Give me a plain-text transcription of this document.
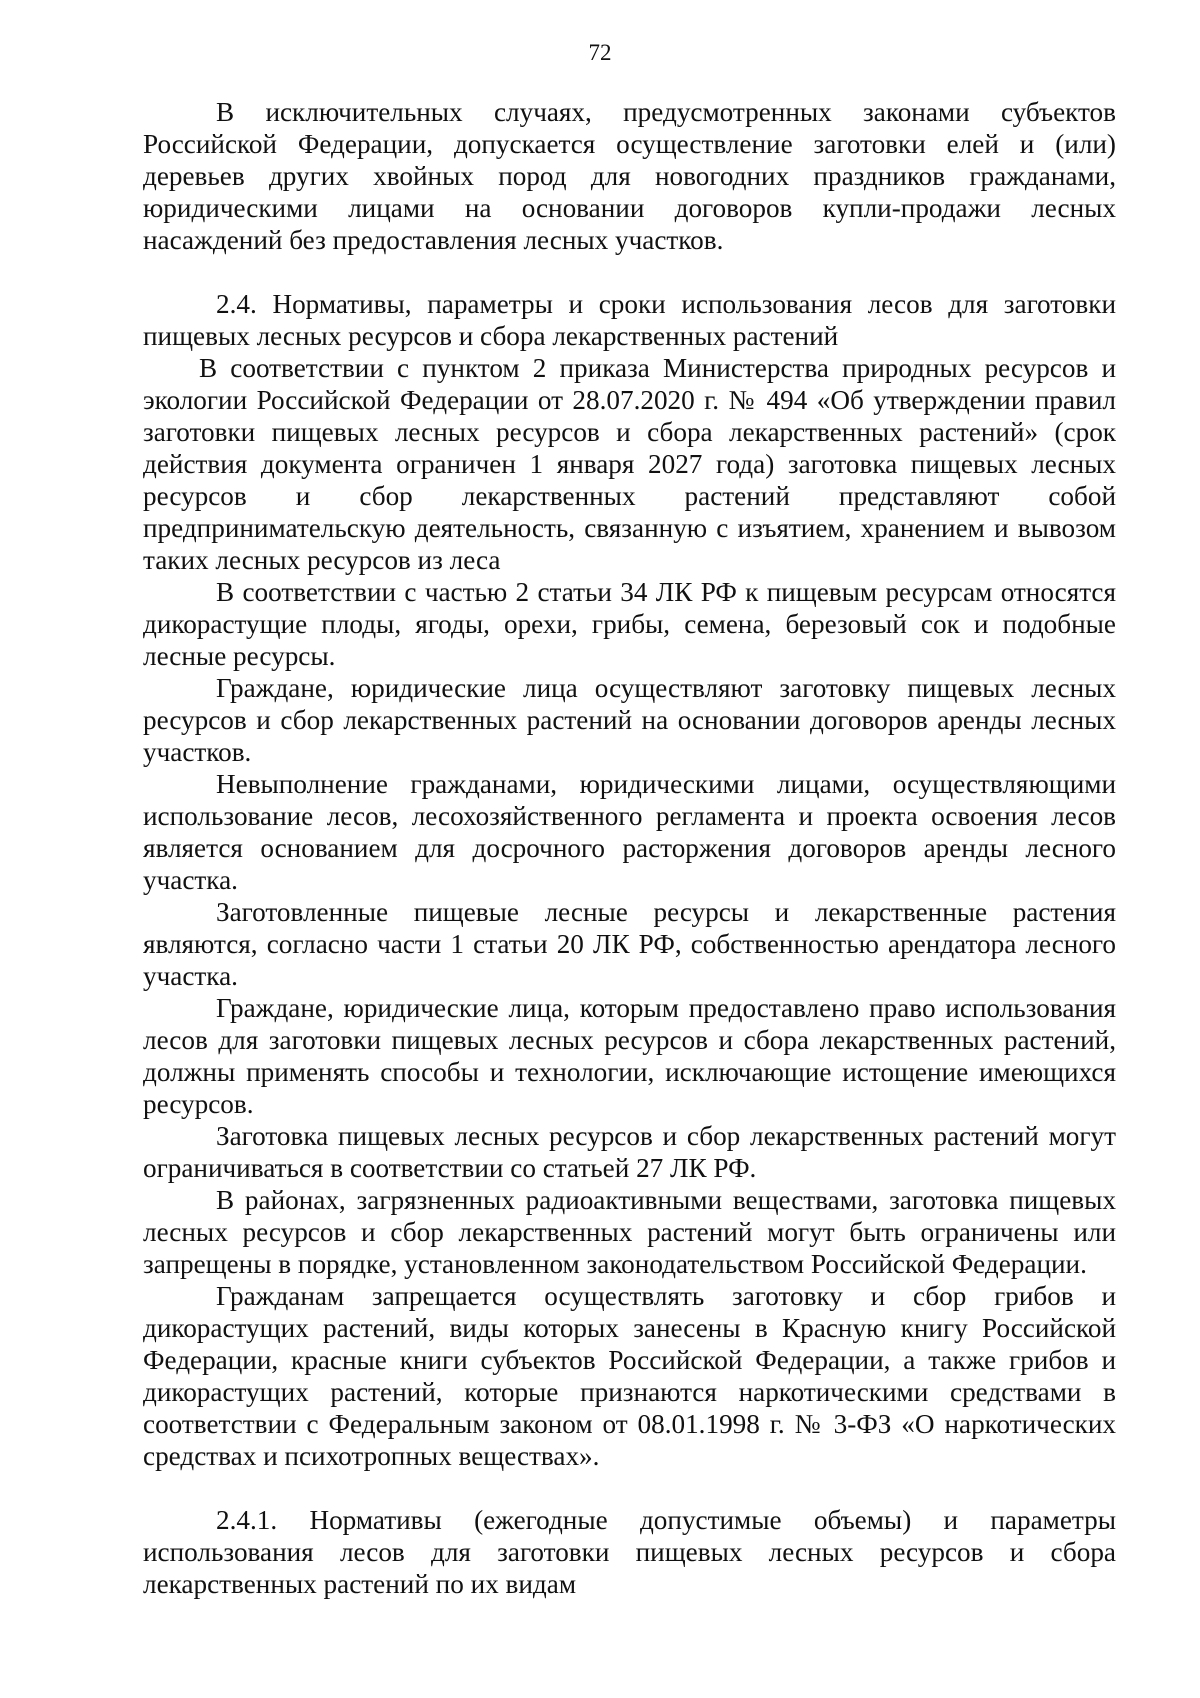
72

В исключительных случаях, предусмотренных законами субъектов Российской Федерации, допускается осуществление заготовки елей и (или) деревьев других хвойных пород для новогодних праздников гражданами, юридическими лицами на основании договоров купли-продажи лесных насаждений без предоставления лесных участков.

2.4. Нормативы, параметры и сроки использования лесов для заготовки пищевых лесных ресурсов и сбора лекарственных растений

В соответствии с пунктом 2 приказа Министерства природных ресурсов и экологии Российской Федерации от 28.07.2020 г. № 494 «Об утверждении правил заготовки пищевых лесных ресурсов и сбора лекарственных растений» (срок действия документа ограничен 1 января 2027 года) заготовка пищевых лесных ресурсов и сбор лекарственных растений представляют собой предпринимательскую деятельность, связанную с изъятием, хранением и вывозом таких лесных ресурсов из леса

В соответствии с частью 2 статьи 34 ЛК РФ к пищевым ресурсам относятся дикорастущие плоды, ягоды, орехи, грибы, семена, березовый сок и подобные лесные ресурсы.

Граждане, юридические лица осуществляют заготовку пищевых лесных ресурсов и сбор лекарственных растений на основании договоров аренды лесных участков.

Невыполнение гражданами, юридическими лицами, осуществляющими использование лесов, лесохозяйственного регламента и проекта освоения лесов является основанием для досрочного расторжения договоров аренды лесного участка.

Заготовленные пищевые лесные ресурсы и лекарственные растения являются, согласно части 1 статьи 20 ЛК РФ, собственностью арендатора лесного участка.

Граждане, юридические лица, которым предоставлено право использования лесов для заготовки пищевых лесных ресурсов и сбора лекарственных растений, должны применять способы и технологии, исключающие истощение имеющихся ресурсов.

Заготовка пищевых лесных ресурсов и сбор лекарственных растений могут ограничиваться в соответствии со статьей 27 ЛК РФ.

В районах, загрязненных радиоактивными веществами, заготовка пищевых лесных ресурсов и сбор лекарственных растений могут быть ограничены или запрещены в порядке, установленном законодательством Российской Федерации.

Гражданам запрещается осуществлять заготовку и сбор грибов и дикорастущих растений, виды которых занесены в Красную книгу Российской Федерации, красные книги субъектов Российской Федерации, а также грибов и дикорастущих растений, которые признаются наркотическими средствами в соответствии с Федеральным законом от 08.01.1998 г. № 3-ФЗ «О наркотических средствах и психотропных веществах».

2.4.1. Нормативы (ежегодные допустимые объемы) и параметры использования лесов для заготовки пищевых лесных ресурсов и сбора лекарственных растений по их видам
